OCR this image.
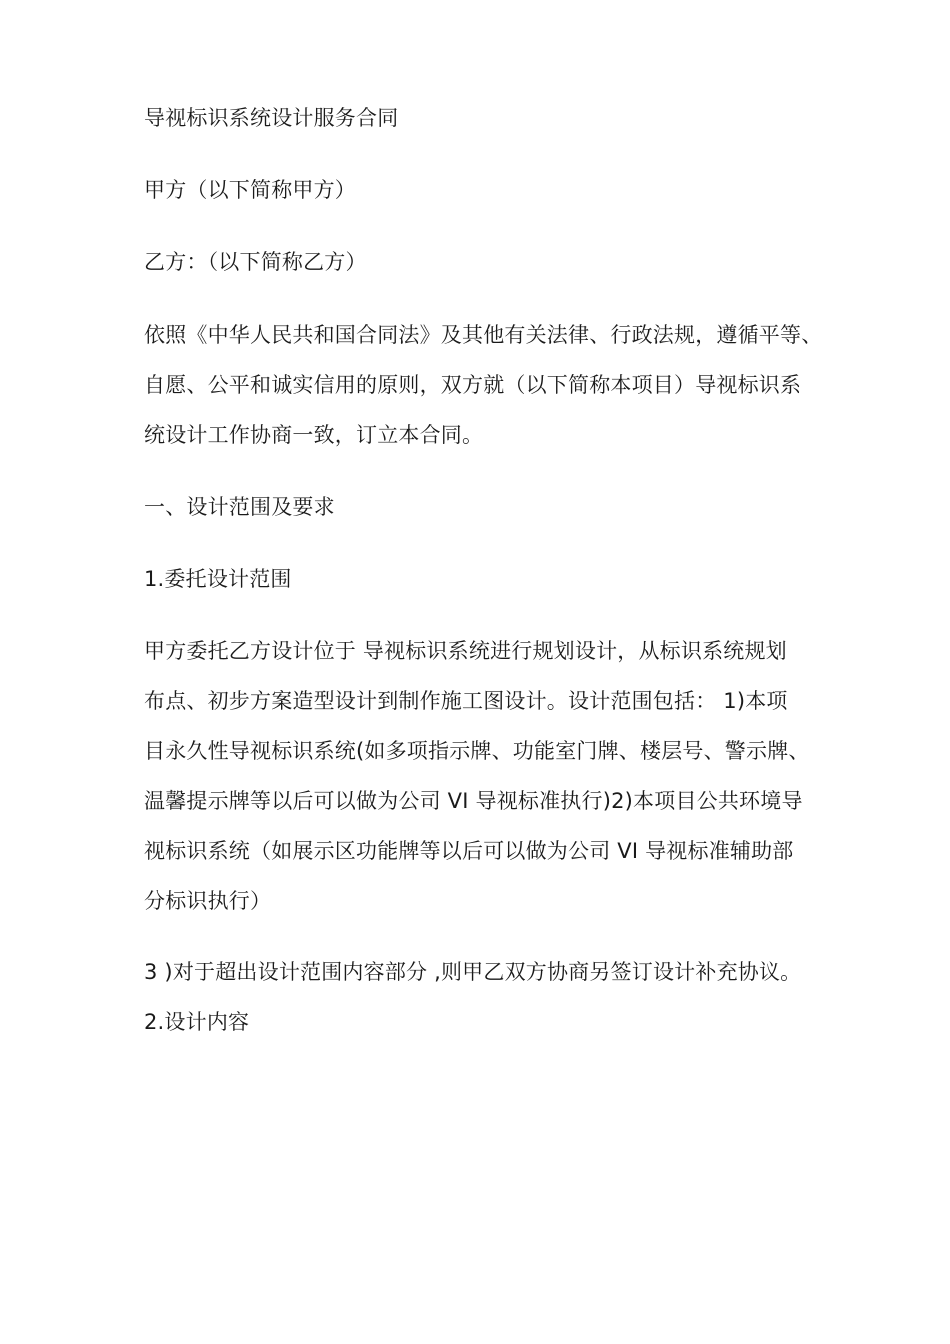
导视标识系统设计服务合同
甲方（以下简称甲方）
乙方：（以下简称乙方）
依照《中华人民共和国合同法》及其他有关法律、行政法规，遵循平等、
自愿、公平和诚实信用的原则，双方就（以下简称本项目）导视标识系
统设计工作协商一致，订立本合同。
一、设计范围及要求
1.委托设计范围
甲方委托乙方设计位于 导视标识系统进行规划设计，从标识系统规划
布点、初步方案造型设计到制作施工图设计。设计范围包括： 1)本项
目永久性导视标识系统(如多项指示牌、功能室门牌、楼层号、警示牌、
温馨提示牌等以后可以做为公司 VI 导视标准执行)2)本项目公共环境导
视标识系统（如展示区功能牌等以后可以做为公司 VI 导视标准辅助部
分标识执行）
3 )对于超出设计范围内容部分 ,则甲乙双方协商另签订设计补充协议。
2.设计内容
